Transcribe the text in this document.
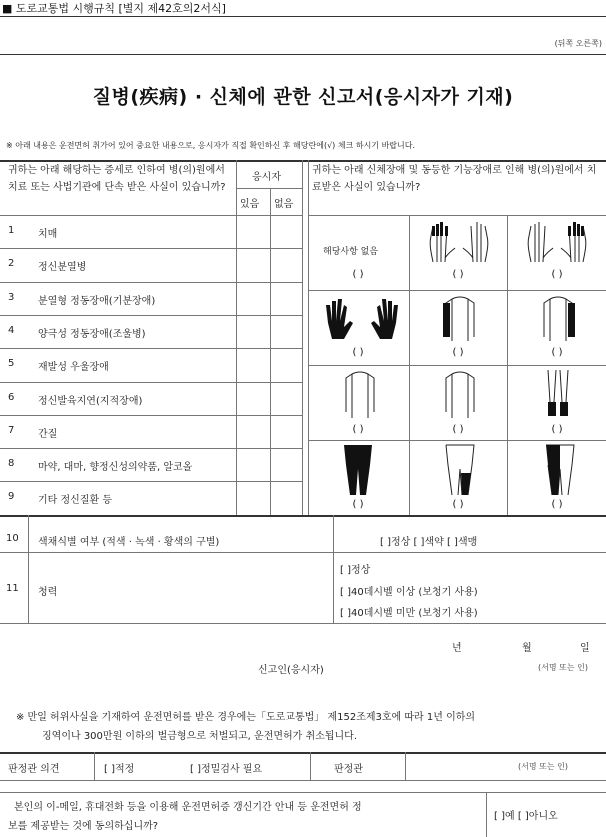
■ 도로교통법 시행규칙 [별지 제42호의2서식]
(뒤쪽 오른쪽)
질병(疾病) · 신체에 관한 신고서(응시자가 기재)
※ 아래 내용은 운전면허 취가어 있어 중요한 내용으로, 응시자가 직접 확인하신 후 해당란에(√) 체크 하시기 바랍니다.
귀하는 아래 해당하는 증세로 인하여 병(의)원에서 치료 또는 사법기관에 단속 받은 사실이 있습니까?
응시자
있음 없음
귀하는 아래 신체장애 및 동등한 기능장애로 인해 병(의)원에서 치료받은 사실이 있습니까?
1 치매
2 정신분열병
3 분열형 정동장애(기분장애)
4 양극성 정동장애(조울병)
5 재발성 우울장애
6 정신발육지연(지적장애)
7 간질
8 마약, 대마, 향정신성의약품, 알코올
9 기타 정신질환 등
해당사항 없음
( )	( )	( )
( )	( )	( )
( )	( )	( )
( )	( )	( )
10 색채식별 여부 (적색 · 녹색 · 황색의 구별)	[ ]정상 [ ]색약 [ ]색맹
11 청력
[ ]정상
[ ]40데시벨 이상 (보청기 사용)
[ ]40데시벨 미만 (보청기 사용)
년	월	일
신고인(응시자)	(서명 또는 인)
※ 만일 허위사실을 기재하여 운전면허를 받은 경우에는「도로교통법」 제152조제3호에 따라 1년 이하의
징역이나 300만원 이하의 벌금형으로 처벌되고, 운전면허가 취소됩니다.
판정관 의견	[ ]적정	[ ]정밀검사 필요	판정관	(서명 또는 인)
본인의 이-메일, 휴대전화 등을 이용해 운전면허증 갱신기간 안내 등 운전면허 정
보를 제공받는 것에 동의하십니까?
[ ]예 [ ]아니오
